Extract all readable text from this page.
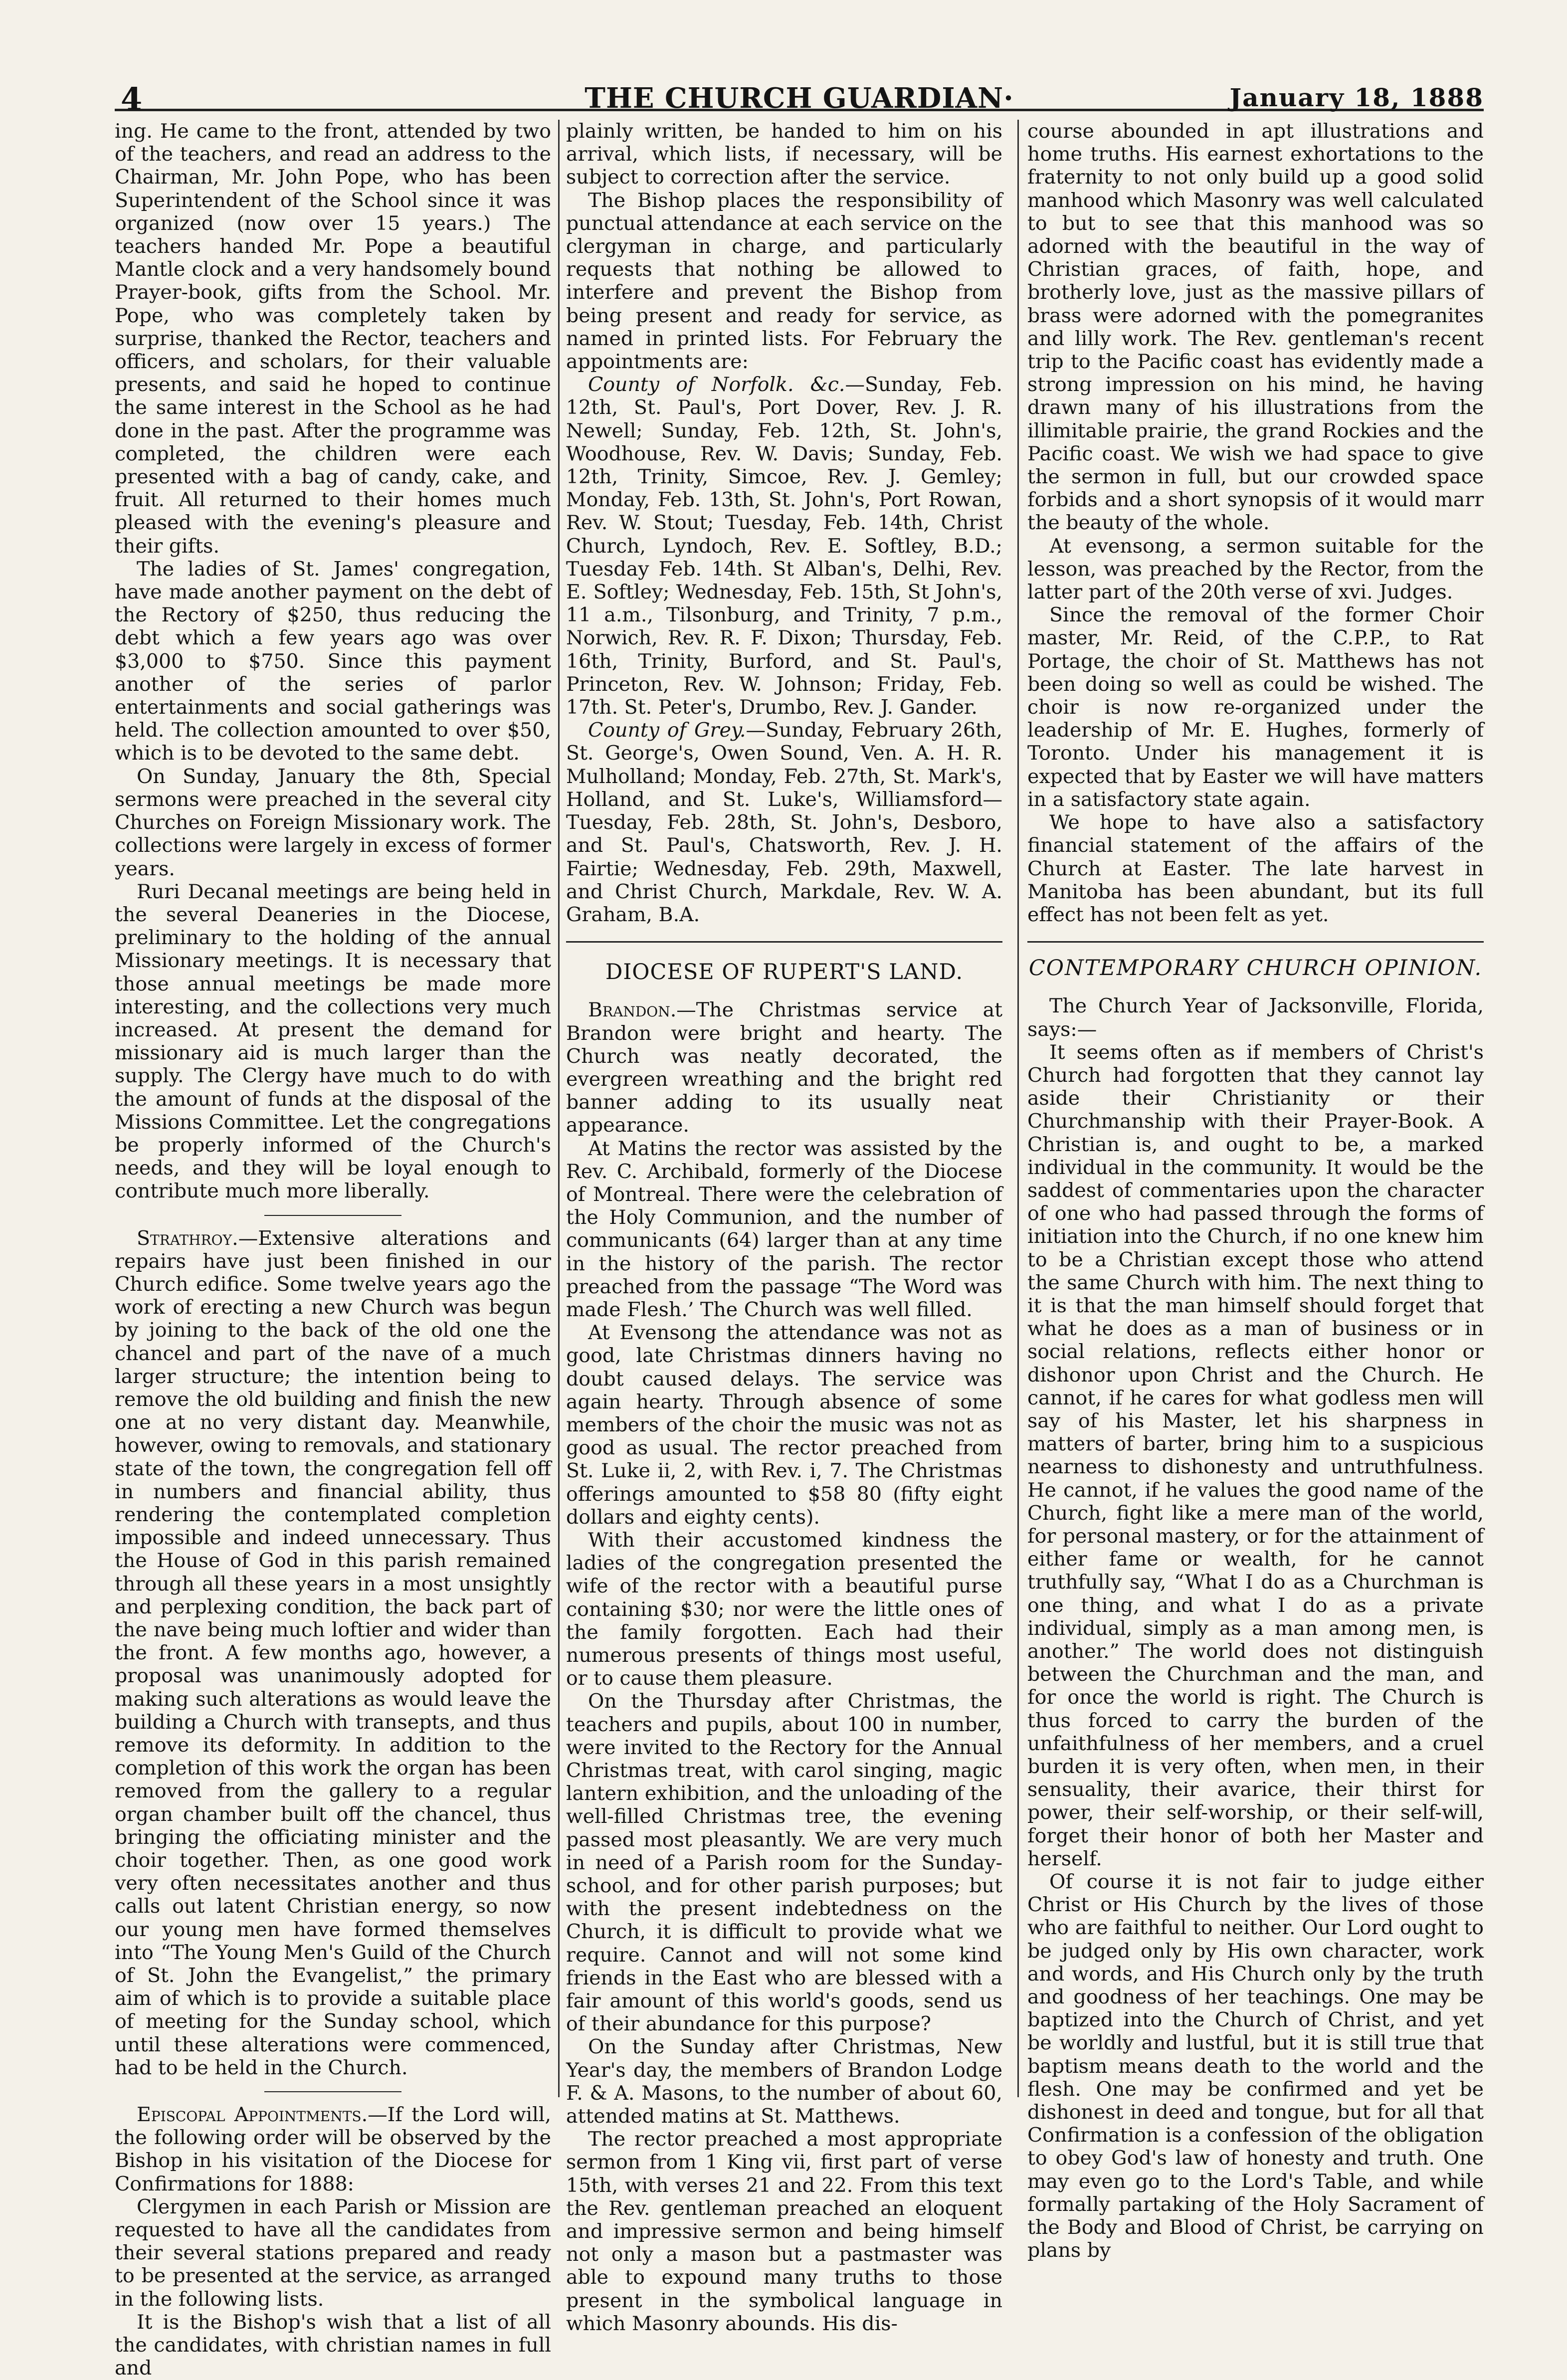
4	THE CHURCH GUARDIAN·	January 18, 1888

ing. He came to the front, attended by two of the teachers, and read an address to the Chairman, Mr. John Pope, who has been Superintendent of the School since it was organized (now over 15 years.) The teachers handed Mr. Pope a beautiful Mantle clock and a very handsomely bound Prayer-book, gifts from the School. Mr. Pope, who was completely taken by surprise, thanked the Rector, teachers and officers, and scholars, for their valuable presents, and said he hoped to continue the same interest in the School as he had done in the past. After the programme was completed, the children were each presented with a bag of candy, cake, and fruit. All returned to their homes much pleased with the evening's pleasure and their gifts.

The ladies of St. James' congregation, have made another payment on the debt of the Rectory of $250, thus reducing the debt which a few years ago was over $3,000 to $750. Since this payment another of the series of parlor entertainments and social gatherings was held. The collection amounted to over $50, which is to be devoted to the same debt.

On Sunday, January the 8th, Special sermons were preached in the several city Churches on Foreign Missionary work. The collections were largely in excess of former years.

Ruri Decanal meetings are being held in the several Deaneries in the Diocese, preliminary to the holding of the annual Missionary meetings. It is necessary that those annual meetings be made more interesting, and the collections very much increased. At present the demand for missionary aid is much larger than the supply. The Clergy have much to do with the amount of funds at the disposal of the Missions Committee. Let the congregations be properly informed of the Church's needs, and they will be loyal enough to contribute much more liberally.

Strathroy.—Extensive alterations and repairs have just been finished in our Church edifice. Some twelve years ago the work of erecting a new Church was begun by joining to the back of the old one the chancel and part of the nave of a much larger structure; the intention being to remove the old building and finish the new one at no very distant day. Meanwhile, however, owing to removals, and stationary state of the town, the congregation fell off in numbers and financial ability, thus rendering the contemplated completion impossible and indeed unnecessary. Thus the House of God in this parish remained through all these years in a most unsightly and perplexing condition, the back part of the nave being much loftier and wider than the front. A few months ago, however, a proposal was unanimously adopted for making such alterations as would leave the building a Church with transepts, and thus remove its deformity. In addition to the completion of this work the organ has been removed from the gallery to a regular organ chamber built off the chancel, thus bringing the officiating minister and the choir together. Then, as one good work very often necessitates another and thus calls out latent Christian energy, so now our young men have formed themselves into “The Young Men's Guild of the Church of St. John the Evangelist,” the primary aim of which is to provide a suitable place of meeting for the Sunday school, which until these alterations were commenced, had to be held in the Church.

Episcopal Appointments.—If the Lord will, the following order will be observed by the Bishop in his visitation of the Diocese for Confirmations for 1888:

Clergymen in each Parish or Mission are requested to have all the candidates from their several stations prepared and ready to be presented at the service, as arranged in the following lists.

It is the Bishop's wish that a list of all the candidates, with christian names in full and

plainly written, be handed to him on his arrival, which lists, if necessary, will be subject to correction after the service.

The Bishop places the responsibility of punctual attendance at each service on the clergyman in charge, and particularly requests that nothing be allowed to interfere and prevent the Bishop from being present and ready for service, as named in printed lists. For February the appointments are:

County of Norfolk. &c.—Sunday, Feb. 12th, St. Paul's, Port Dover, Rev. J. R. Newell; Sunday, Feb. 12th, St. John's, Woodhouse, Rev. W. Davis; Sunday, Feb. 12th, Trinity, Simcoe, Rev. J. Gemley; Monday, Feb. 13th, St. John's, Port Rowan, Rev. W. Stout; Tuesday, Feb. 14th, Christ Church, Lyndoch, Rev. E. Softley, B.D.; Tuesday Feb. 14th. St Alban's, Delhi, Rev. E. Softley; Wednesday, Feb. 15th, St John's, 11 a.m., Tilsonburg, and Trinity, 7 p.m., Norwich, Rev. R. F. Dixon; Thursday, Feb. 16th, Trinity, Burford, and St. Paul's, Princeton, Rev. W. Johnson; Friday, Feb. 17th. St. Peter's, Drumbo, Rev. J. Gander.

County of Grey.—Sunday, February 26th, St. George's, Owen Sound, Ven. A. H. R. Mulholland; Monday, Feb. 27th, St. Mark's, Holland, and St. Luke's, Williamsford—Tuesday, Feb. 28th, St. John's, Desboro, and St. Paul's, Chatsworth, Rev. J. H. Fairtie; Wednesday, Feb. 29th, Maxwell, and Christ Church, Markdale, Rev. W. A. Graham, B.A.

DIOCESE OF RUPERT'S LAND.

Brandon.—The Christmas service at Brandon were bright and hearty. The Church was neatly decorated, the evergreen wreathing and the bright red banner adding to its usually neat appearance.

At Matins the rector was assisted by the Rev. C. Archibald, formerly of the Diocese of Montreal. There were the celebration of the Holy Communion, and the number of communicants (64) larger than at any time in the history of the parish. The rector preached from the passage “The Word was made Flesh.’ The Church was well filled.

At Evensong the attendance was not as good, late Christmas dinners having no doubt caused delays. The service was again hearty. Through absence of some members of the choir the music was not as good as usual. The rector preached from St. Luke ii, 2, with Rev. i, 7. The Christmas offerings amounted to $58 80 (fifty eight dollars and eighty cents).

With their accustomed kindness the ladies of the congregation presented the wife of the rector with a beautiful purse containing $30; nor were the little ones of the family forgotten. Each had their numerous presents of things most useful, or to cause them pleasure.

On the Thursday after Christmas, the teachers and pupils, about 100 in number, were invited to the Rectory for the Annual Christmas treat, with carol singing, magic lantern exhibition, and the unloading of the well-filled Christmas tree, the evening passed most pleasantly. We are very much in need of a Parish room for the Sunday-school, and for other parish purposes; but with the present indebtedness on the Church, it is difficult to provide what we require. Cannot and will not some kind friends in the East who are blessed with a fair amount of this world's goods, send us of their abundance for this purpose?

On the Sunday after Christmas, New Year's day, the members of Brandon Lodge F. & A. Masons, to the number of about 60, attended matins at St. Matthews.

The rector preached a most appropriate sermon from 1 King vii, first part of verse 15th, with verses 21 and 22. From this text the Rev. gentleman preached an eloquent and impressive sermon and being himself not only a mason but a pastmaster was able to expound many truths to those present in the symbolical language in which Masonry abounds. His dis-

course abounded in apt illustrations and home truths. His earnest exhortations to the fraternity to not only build up a good solid manhood which Masonry was well calculated to but to see that this manhood was so adorned with the beautiful in the way of Christian graces, of faith, hope, and brotherly love, just as the massive pillars of brass were adorned with the pomegranites and lilly work. The Rev. gentleman's recent trip to the Pacific coast has evidently made a strong impression on his mind, he having drawn many of his illustrations from the illimitable prairie, the grand Rockies and the Pacific coast. We wish we had space to give the sermon in full, but our crowded space forbids and a short synopsis of it would marr the beauty of the whole.

At evensong, a sermon suitable for the lesson, was preached by the Rector, from the latter part of the 20th verse of xvi. Judges.

Since the removal of the former Choir master, Mr. Reid, of the C.P.P., to Rat Portage, the choir of St. Matthews has not been doing so well as could be wished. The choir is now re-organized under the leadership of Mr. E. Hughes, formerly of Toronto. Under his management it is expected that by Easter we will have matters in a satisfactory state again.

We hope to have also a satisfactory financial statement of the affairs of the Church at Easter. The late harvest in Manitoba has been abundant, but its full effect has not been felt as yet.

CONTEMPORARY CHURCH OPINION.

The Church Year of Jacksonville, Florida, says:—

It seems often as if members of Christ's Church had forgotten that they cannot lay aside their Christianity or their Churchmanship with their Prayer-Book. A Christian is, and ought to be, a marked individual in the community. It would be the saddest of commentaries upon the character of one who had passed through the forms of initiation into the Church, if no one knew him to be a Christian except those who attend the same Church with him. The next thing to it is that the man himself should forget that what he does as a man of business or in social relations, reflects either honor or dishonor upon Christ and the Church. He cannot, if he cares for what godless men will say of his Master, let his sharpness in matters of barter, bring him to a suspicious nearness to dishonesty and untruthfulness. He cannot, if he values the good name of the Church, fight like a mere man of the world, for personal mastery, or for the attainment of either fame or wealth, for he cannot truthfully say, “What I do as a Churchman is one thing, and what I do as a private individual, simply as a man among men, is another.” The world does not distinguish between the Churchman and the man, and for once the world is right. The Church is thus forced to carry the burden of the unfaithfulness of her members, and a cruel burden it is very often, when men, in their sensuality, their avarice, their thirst for power, their self-worship, or their self-will, forget their honor of both her Master and herself.

Of course it is not fair to judge either Christ or His Church by the lives of those who are faithful to neither. Our Lord ought to be judged only by His own character, work and words, and His Church only by the truth and goodness of her teachings. One may be baptized into the Church of Christ, and yet be worldly and lustful, but it is still true that baptism means death to the world and the flesh. One may be confirmed and yet be dishonest in deed and tongue, but for all that Confirmation is a confession of the obligation to obey God's law of honesty and truth. One may even go to the Lord's Table, and while formally partaking of the Holy Sacrament of the Body and Blood of Christ, be carrying on plans by
